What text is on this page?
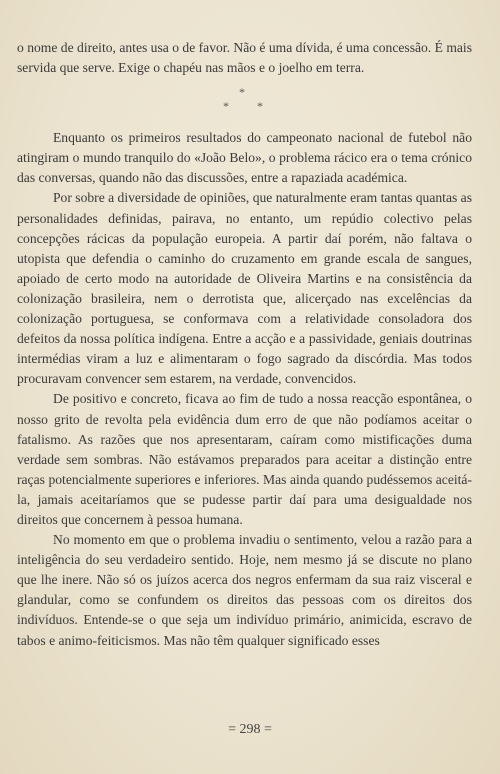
o nome de direito, antes usa o de favor. Não é uma dívida, é uma concessão. É mais servida que serve. Exige o chapéu nas mãos e o joelho em terra.

*
* *

Enquanto os primeiros resultados do campeonato nacional de futebol não atingiram o mundo tranquilo do «João Belo», o problema rácico era o tema crónico das conversas, quando não das discussões, entre a rapaziada académica.

Por sobre a diversidade de opiniões, que naturalmente eram tantas quantas as personalidades definidas, pairava, no entanto, um repúdio colectivo pelas concepções rácicas da população europeia. A partir daí porém, não faltava o utopista que defendia o caminho do cruzamento em grande escala de sangues, apoiado de certo modo na autoridade de Oliveira Martins e na consistência da colonização brasileira, nem o derrotista que, alicerçado nas excelências da colonização portuguesa, se conformava com a relatividade consoladora dos defeitos da nossa política indígena. Entre a acção e a passividade, geniais doutrinas intermédias viram a luz e alimentaram o fogo sagrado da discórdia. Mas todos procuravam convencer sem estarem, na verdade, convencidos.

De positivo e concreto, ficava ao fim de tudo a nossa reacção espontânea, o nosso grito de revolta pela evidência dum erro de que não podíamos aceitar o fatalismo. As razões que nos apresentaram, caíram como mistificações duma verdade sem sombras. Não estávamos preparados para aceitar a distinção entre raças potencialmente superiores e inferiores. Mas ainda quando pudéssemos aceitá-la, jamais aceitaríamos que se pudesse partir daí para uma desigualdade nos direitos que concernem à pessoa humana.

No momento em que o problema invadiu o sentimento, velou a razão para a inteligência do seu verdadeiro sentido. Hoje, nem mesmo já se discute no plano que lhe inere. Não só os juízos acerca dos negros enfermam da sua raiz visceral e glandular, como se confundem os direitos das pessoas com os direitos dos indivíduos. Entende-se o que seja um indivíduo primário, animicida, escravo de tabos e animo-feiticismos. Mas não têm qualquer significado esses

= 298 =
